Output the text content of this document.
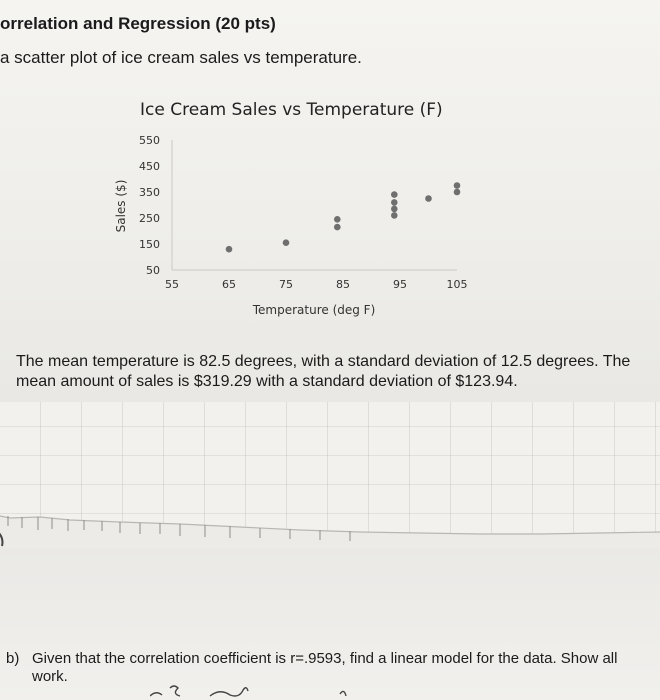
orrelation and Regression (20 pts)
a scatter plot of ice cream sales vs temperature.
Ice Cream Sales vs Temperature (F)
50
150
250
350
450
550
55	65	75	85	95	105
Sales ($)
Temperature (deg F)
The mean temperature is 82.5 degrees, with a standard deviation of 12.5 degrees. The mean amount of sales is $319.29 with a standard deviation of $123.94.
b) Given that the correlation coefficient is r=.9593, find a linear model for the data. Show all work.
